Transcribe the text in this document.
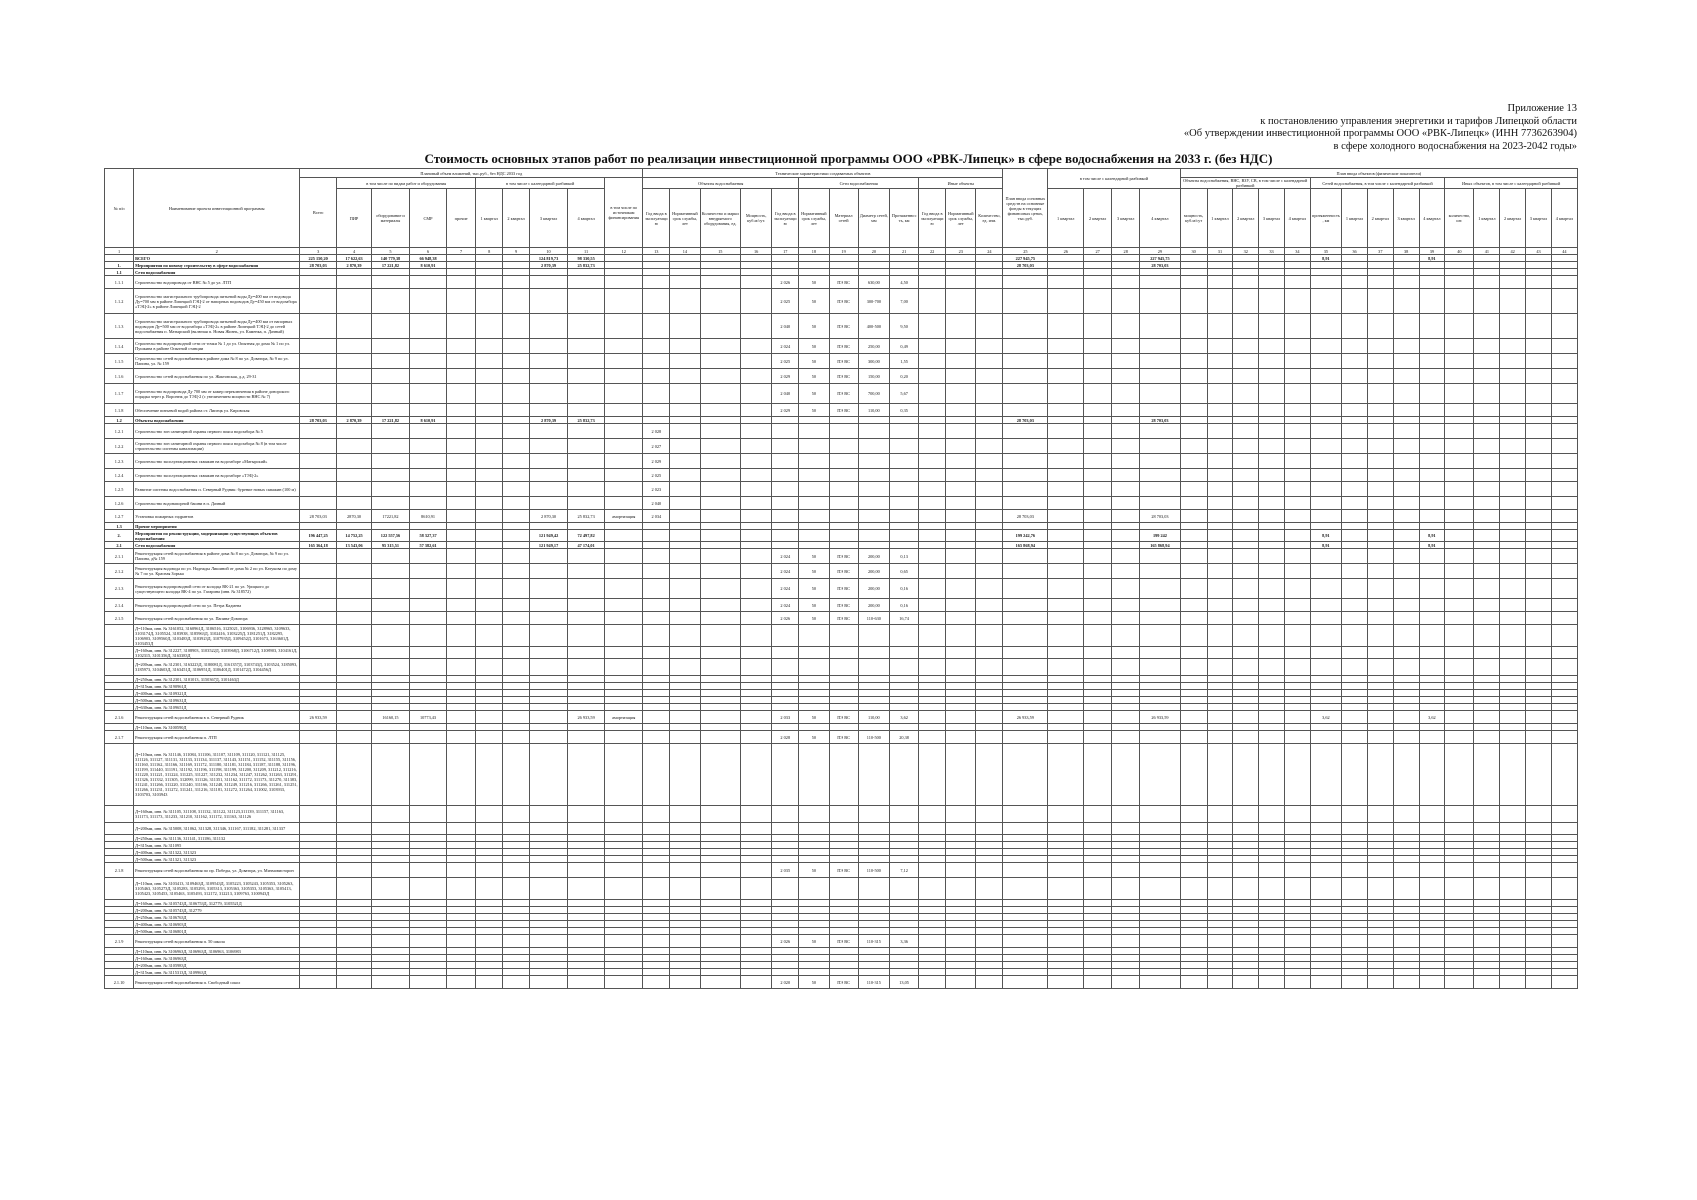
Приложение 13
к постановлению управления энергетики и тарифов Липецкой области
«Об утверждении инвестиционной программы ООО «РВК-Липецк» (ИНН 7736263904)
в сфере холодного водоснабжения на 2023-2042 годы»
Стоимость основных этапов работ по реализации инвестиционной программы ООО «РВК-Липецк» в сфере водоснабжения на 2033 г. (без НДС)
№ п/п	Наименование проекта инвестиционной программы	Плановый объем вложений, тыс.руб., без НДС 2033 год										Технические характеристики создаваемых объектов												План ввода основных средств на основные фонды в текущих финансовых ценах, тыс.руб.	в том числе с календарной разбивкой				План ввода объектов (физические показатели)														
		Всего	в том числе по видам работ и оборудования				в том числе с календарной разбивкой				в том числе по источникам финансирования	Объекты водоснабжения					Сети водоснабжения				Иные объекты								Объекты водоснабжения, ВНС, ВЗУ, СВ, в том числе с календарной разбивкой					Сетей водоснабжения, в том числе с календарной разбивкой					Иных объектов, в том числе с календарной разбивкой				
			ПИР	оборудование и материалы	СМР	прочие	1 квартал	2 квартал	3 квартал	4 квартал		Год ввода в эксплуатацию	Нормативный срок службы, лет	Количество и марки внедряемого оборудования, ед.	Мощность, куб.м/сут.	Год ввода в эксплуатацию	Нормативный срок службы, лет	Материал сетей	Диаметр сетей, мм	Протяженность, км	Год ввода в эксплуатацию	Нормативный срок службы, лет	Количество, ед. изм.		1 квартал	2 квартал	3 квартал	4 квартал	мощность, куб.м/сут	1 квартал	2 квартал	3 квартал	4 квартал	протяженность, км	1 квартал	2 квартал	3 квартал	4 квартал	количество, шт.	1 квартал	2 квартал	3 квартал	4 квартал
1	2	3	4	5	6	7	8	9	10	11	12	13	14	15	16	17	18	19	20	21	22	23	24	25	26	27	28	29	30	31	32	33	34	35	36	37	38	39	40	41	42	43	44
	ВСЕГО	225 150,20	17 622,63	140 779,38	66 948,38				124 819,73	98 330,55														227 945,75				227 945,75						8,91				8,91					
1.	Мероприятия по новому строительству в сфере водоснабжения	28 703,03	2 870,39	17 221,82	8 610,91				2 870,39	25 832,73														28 703,03				28 703,03															
1.1	Сети водоснабжения																																										
1.1.1	Строительство водопровода от ВНС № 5 до ул. ЛТП															2 026	50	ПЭ ВС	630,00	4,50																							
1.1.2	Строительство магистрального трубопровода питьевой воды Ду=400 мм от водовода Ду=700 мм в районе Липецкой ГЭЦ-2 от напорных водоводов Ду=450 мм от водозабора «ТЭЦ-2» в районе Липецкой ГЭЦ-2															2 025	50	ПЭ ВС	300-700	7,00																							
1.1.3	Строительство магистрального трубопровода питьевой воды Ду=400 мм от напорных водоводов Ду=500 мм от водозабора «ТЭЦ-2» в районе Липецкой ТЭЦ-2 до сетей водоснабжения п. Матырский (включая п. Новая Жизнь, ул. Каменка, п. Дачный)															2 040	50	ПЭ ВС	400-500	9,50																							
1.1.4	Строительство водопроводной сети от точки № 1 до ул. Опытная до дома № 1 по ул. Пушкина в районе Опытной станции															2 024	50	ПЭ ВС	250,00	0,49																							
1.1.5	Строительство сетей водоснабжения в районе дома № 8 по ул. Доватора, № 9 по ул. Папина, ул. № 159															2 025	50	ПЭ ВС	300,00	1,55																							
1.1.6	Строительство сетей водоснабжения по ул. Жактовская, д.д. 29-31															2 029	50	ПЭ ВС	150,00	0,20																							
1.1.7	Строительство водопровода Ду 700 мм от камер переключения в районе донорского порядка через р. Воронеж до ТЭЦ-2 (с увеличением мощности ВНС № 7)															2 040	50	ПЭ ВС	700,00	5,67																							
1.1.8	Обеспечение питьевой водой района ст. Липецк ул. Кировская															2 029	50	ПЭ ВС	110,00	0,35																							
1.2	Объекты водоснабжения	28 703,03	2 870,39	17 221,82	8 610,91				2 870,39	25 832,73														28 703,03				28 703,03															
1.2.1	Строительство зон санитарной охраны первого пояса водозабора № 5											2 028																															
1.2.2	Строительство зон санитарной охраны первого пояса водозабора № 8 (в том числе строительство системы канализации)											2 027																															
1.2.3	Строительство эксплуатационных скважин на водозаборе «Матырский»											2 029																															
1.2.4	Строительство эксплуатационных скважин на водозаборе «ТЭЦ-2»											2 025																															
1.2.5	Развитие системы водоснабжения п. Северный Рудник: бурение новых скважин (100 м)											2 023																															
1.2.6	Строительство водонапорной башни в п. Дачный											2 040																															
1.2.7	Установка пожарных гидрантов	28 703,03	2870,30	17221,82	8610,91				2 870,30	25 832,73	амортизация	2 034												28 703,03				28 703,03															
1.3	Прочие мероприятия																																										
2.	Мероприятия по реконструкции, модернизации существующих объектов водоснабжения	196 447,25	14 752,25	122 557,56	58 327,37				121 949,42	72 497,82														199 242,76				199 242						8,91				8,91					
2.1	Сети водоснабжения	165 364,18	13 543,06	95 315,51	57 382,61				121 949,17	47 174,01														165 868,94				165 868,94						8,91				8,91					
2.1.1	Реконструкция сетей водоснабжения в районе дома № 8 по ул. Доватора, № 9 по ул. Папина, д№ 159															2 024	50	ПЭ ВС	200,00	0,13																							
2.1.2	Реконструкция водовода по ул. Надежды Лишиной от дома № 2 по ул. Катукова по дому № 7 по ул. Красная Зорька															2 024	50	ПЭ ВС	200,00	0,65																							
2.1.3	Реконструкция водопроводной сети от колодца ВК-21 по ул. Урицкого до существующего колодца ВК-4 по ул. Гагарина (инв. № 318572)															2 024	50	ПЭ ВС	200,00	0,16																							
2.1.4	Реконструкция водопроводной сети по ул. Петра Кадмена															2 024	50	ПЭ ВС	200,00	0,16																							
2.1.5	Реконструкция сетей водоснабжения по ул. Папина-Доватора															2 026	50	ПЭ ВС	110-630	16,74																							
	Д=110мм, инв. № 3161052, 3160961Д, 3106516, 3125021, 3106936, 3128965, 3109633, 3103174Д, 3105524, 3183938, 3185963Д, 3102416, 3103225Д, 3181251Д, 3182295, 3106903, 3109560Д, 3103483Д, 3103923Д, 3107935Д, 3109452Д, 3101673, 3163601Д, 3103453Д																																										
	Д=160мм, инв. № 312227, 3108903, 3103522Д, 3103968Д, 3106712Д, 3108903, 3104161Д, 3102315, 3101356Д, 3163383Д																																										
	Д=200мм, инв. № 312301, 3163223Д, 3180081Д, 3161357Д, 3103743Д, 3103524, 3185093, 3185973, 3104603Д, 3163451Д, 3106951Д, 3106401Д, 3101472Д, 3104456Д																																										
	Д=250мм, инв. № 312301, 3101013, 3150367Д, 3101463Д																																										
	Д=315мм, инв. № 3190961Д																																										
	Д=400мм, инв. № 3109321Д																																										
	Д=500мм, инв. № 3109631Д																																										
	Д=630мм, инв. № 3109651Д																																										
2.1.6	Реконструкция сетей водоснабжения в п. Северный Рудник	26 933,59		16160,15	10773,43					26 933,59	амортизация					2 033	50	ПЭ ВС	110,00	3,62				26 933,59				26 933,59						3,62				3,62					
	Д=110мм, инв. № 3100590Д																																										
2.1.7	Реконструкция сетей водоснабжения п. ЛТП															2 028	50	ПЭ ВС	110-500	20,38																							
	Д=110мм, инв. № 311146, 311084, 311106, 311107, 311109, 311120, 311121, 311125, 311126, 311127, 311131, 311133, 311134, 311137, 311143, 311151, 311152, 311155, 311156, 311160, 311162, 311166, 311169, 311172, 311180, 311181, 311184, 311187, 311188, 311196, 311199, 311440, 311191, 311192, 311196, 311198, 311199, 311200, 311209, 311212, 311216, 311220, 311221, 311224, 311225, 311227, 311232, 311234, 311247, 311262, 311263, 311291, 311326, 311332, 311305, 312099, 311126, 311351, 311162, 311172, 311173, 311270, 311383, 311241, 311266, 311220, 311240, 311166, 311248, 311249, 311216, 311266, 311261, 311251, 311266, 311231, 311272, 311241, 311216, 311181, 311272, 311264, 311002, 3103933, 3103703, 3103943																																										
	Д=160мм, инв. № 311105, 311108, 311132, 311122, 311123,311139, 311157, 311163, 311173, 311173, 311233, 311210, 311162, 311172, 311163, 311126																																										
	Д=200мм, инв. № 315008, 311062, 311328, 311346, 311167, 311182, 311281, 311337																																										
	Д=250мм, инв. № 311136, 311141, 311186, 311132																																										
	Д=315мм, инв. № 311095																																										
	Д=400мм, инв. № 311322, 311323																																										
	Д=500мм, инв. № 311321, 311323																																										
2.1.8	Реконструкция сетей водоснабжения по пр. Победы, ул. Доватора, ул. Мичмовисторон															2 035	50	ПЭ ВС	110-500	7,12																							
	Д=110мм, инв. № 3103413, 3109463Д, 3109543Д, 3105223, 3105243, 3105353, 3105263, 3105463, 3105273Д, 3105283, 3105293, 3105313, 3105363, 3105353, 3105363, 3105413, 3105423, 3105453, 3105463, 3105493, 312172, 312213, 3109763, 3100943Д																																										
	Д=160мм, инв. № 3105743Д, 3106753Д, 312779, 3105521Д																																										
	Д=200мм, инв. № 3105743Д, 312779																																										
	Д=250мм, инв. № 3106763Д																																										
	Д=400мм, инв. № 3106903Д																																										
	Д=500мм, инв. № 3106801Д																																										
2.1.9	Реконструкция сетей водоснабжения п. 50 школа															2 026	50	ПЭ ВС	110-315	3,36																							
	Д=110мм, инв. № 3106963Д, 3106963Д, 3106963, 3106983																																										
	Д=160мм, инв. № 3106963Д																																										
	Д=200мм, инв. № 3105983Д																																										
	Д=315мм, инв. № 3115313Д, 3109963Д																																										
2.1.10	Реконструкция сетей водоснабжения п. Свободный сокол															2 020	50	ПЭ ВС	110-315	13,05																							
